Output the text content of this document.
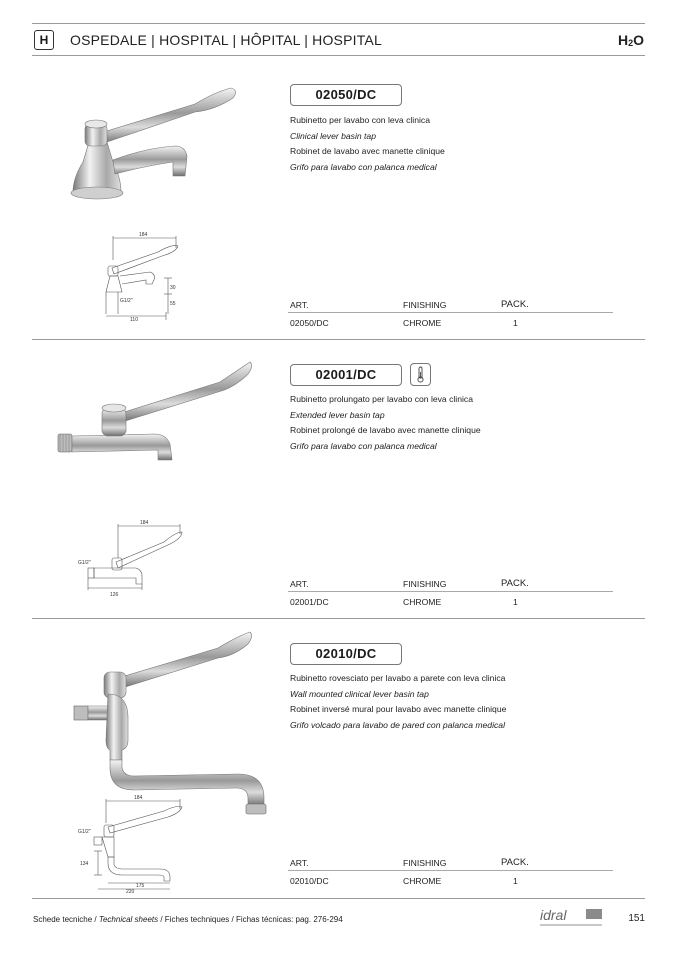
H OSPEDALE | HOSPITAL | HÔPITAL | HOSPITAL	$H_2O$
184
30
55
G1/2"
110
02050/DC
Rubinetto per lavabo con leva clinica
Clinical lever basin tap
Robinet de lavabo avec manette clinique
Grifo para lavabo con palanca medical
ART.	FINISHING	PACK.
02050/DC	CHROME	1
184
G1/2"
126
02001/DC
Rubinetto prolungato per lavabo con leva clinica
Extended lever basin tap
Robinet prolongé de lavabo avec manette clinique
Grifo para lavabo con palanca medical
ART.	FINISHING	PACK.
02001/DC	CHROME	1
184
G1/2"
134
175
220
02010/DC
Rubinetto rovesciato per lavabo a parete con leva clinica
Wall mounted clinical lever basin tap
Robinet inversé mural pour lavabo avec manette clinique
Grifo volcado para lavabo de pared con palanca medical
ART.	FINISHING	PACK.
02010/DC	CHROME	1
Schede tecniche / Technical sheets / Fiches techniques / Fichas técnicas: pag. 276-294	idral	151
